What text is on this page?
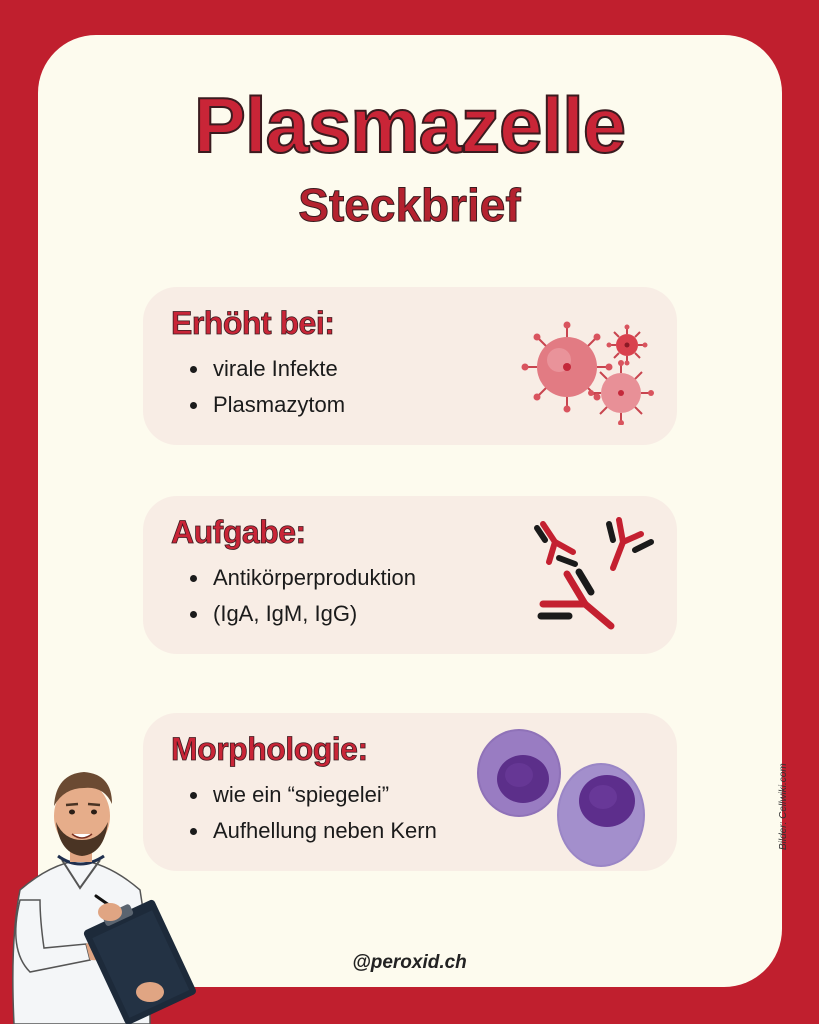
Plasmazelle
Steckbrief
Erhöht bei:
virale Infekte
Plasmazytom
Aufgabe:
Antikörperproduktion
(IgA, IgM, IgG)
Morphologie:
wie ein “spiegelei”
Aufhellung neben Kern	Bilder: Cellwiki.com
@peroxid.ch
